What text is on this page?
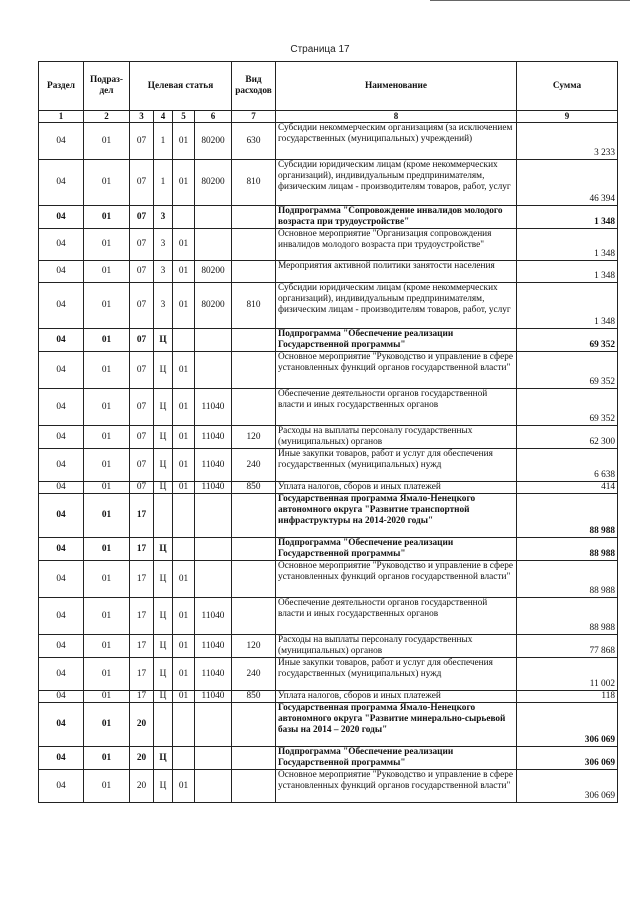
Страница 17
Раздел	Подраз-дел	Целевая статья				Вид расходов	Наименование	Сумма
1	2	3	4	5	6	7	8	9
04	01	07	1	01	80200	630	Субсидии некоммерческим организациям (за исключением государственных (муниципальных) учреждений)	3 233
04	01	07	1	01	80200	810	Субсидии юридическим лицам (кроме некоммерческих организаций), индивидуальным предпринимателям, физическим лицам - производителям товаров, работ, услуг	46 394
04	01	07	3				Подпрограмма "Сопровождение инвалидов молодого возраста при трудоустройстве"	1 348
04	01	07	3	01			Основное мероприятие "Организация сопровождения инвалидов молодого возраста при трудоустройстве"	1 348
04	01	07	3	01	80200		Мероприятия активной политики занятости населения	1 348
04	01	07	3	01	80200	810	Субсидии юридическим лицам (кроме некоммерческих организаций), индивидуальным предпринимателям, физическим лицам - производителям товаров, работ, услуг	1 348
04	01	07	Ц				Подпрограмма "Обеспечение реализации Государственной программы"	69 352
04	01	07	Ц	01			Основное мероприятие "Руководство и управление в сфере установленных функций органов государственной власти"	69 352
04	01	07	Ц	01	11040		Обеспечение деятельности органов государственной власти и иных государственных органов	69 352
04	01	07	Ц	01	11040	120	Расходы на выплаты персоналу государственных (муниципальных) органов	62 300
04	01	07	Ц	01	11040	240	Иные закупки товаров, работ и услуг для обеспечения государственных (муниципальных) нужд	6 638
04	01	07	Ц	01	11040	850	Уплата налогов, сборов и иных платежей	414
04	01	17					Государственная программа Ямало-Ненецкого автономного округа "Развитие транспортной инфраструктуры на 2014-2020 годы"	88 988
04	01	17	Ц				Подпрограмма "Обеспечение реализации Государственной программы"	88 988
04	01	17	Ц	01			Основное мероприятие "Руководство и управление в сфере установленных функций органов государственной власти"	88 988
04	01	17	Ц	01	11040		Обеспечение деятельности органов государственной власти и иных государственных органов	88 988
04	01	17	Ц	01	11040	120	Расходы на выплаты персоналу государственных (муниципальных) органов	77 868
04	01	17	Ц	01	11040	240	Иные закупки товаров, работ и услуг для обеспечения государственных (муниципальных) нужд	11 002
04	01	17	Ц	01	11040	850	Уплата налогов, сборов и иных платежей	118
04	01	20					Государственная программа Ямало-Ненецкого автономного округа "Развитие минерально-сырьевой базы на 2014 – 2020 годы"	306 069
04	01	20	Ц				Подпрограмма "Обеспечение реализации Государственной программы"	306 069
04	01	20	Ц	01			Основное мероприятие "Руководство и управление в сфере установленных функций органов государственной власти"	306 069
